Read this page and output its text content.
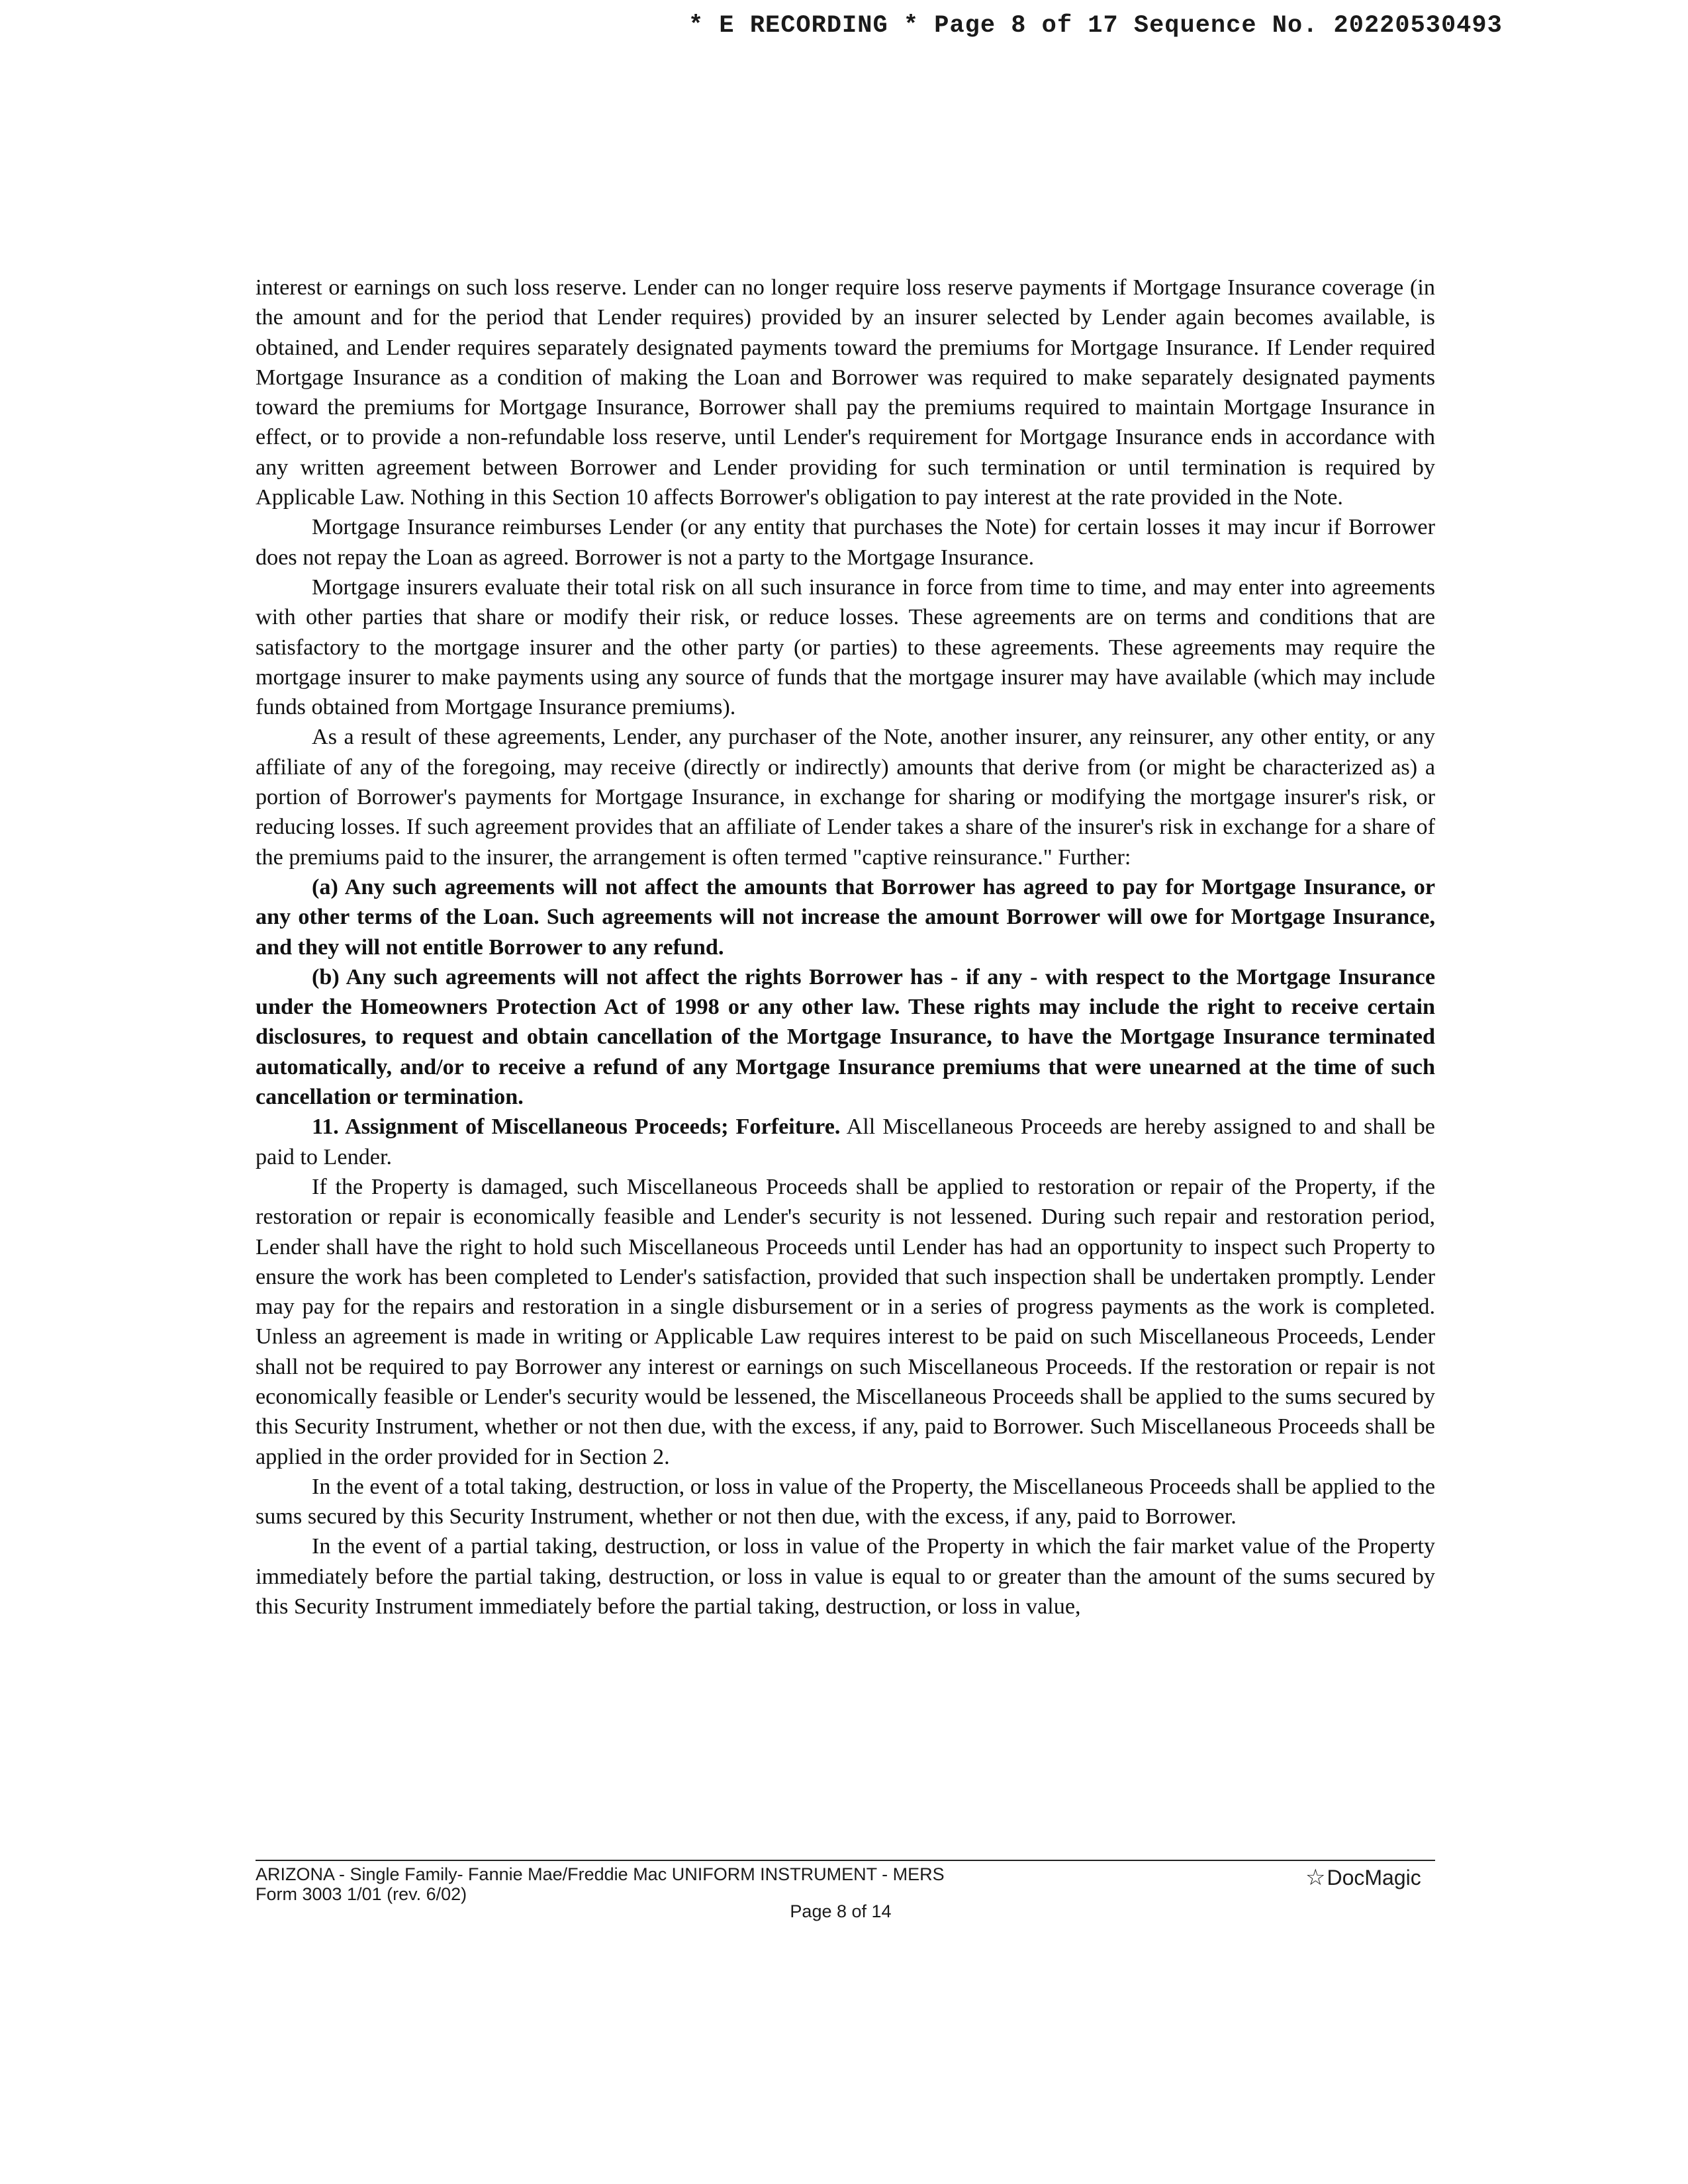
* E RECORDING * Page 8 of 17 Sequence No. 20220530493

interest or earnings on such loss reserve. Lender can no longer require loss reserve payments if Mortgage Insurance coverage (in the amount and for the period that Lender requires) provided by an insurer selected by Lender again becomes available, is obtained, and Lender requires separately designated payments toward the premiums for Mortgage Insurance. If Lender required Mortgage Insurance as a condition of making the Loan and Borrower was required to make separately designated payments toward the premiums for Mortgage Insurance, Borrower shall pay the premiums required to maintain Mortgage Insurance in effect, or to provide a non-refundable loss reserve, until Lender's requirement for Mortgage Insurance ends in accordance with any written agreement between Borrower and Lender providing for such termination or until termination is required by Applicable Law. Nothing in this Section 10 affects Borrower's obligation to pay interest at the rate provided in the Note.

Mortgage Insurance reimburses Lender (or any entity that purchases the Note) for certain losses it may incur if Borrower does not repay the Loan as agreed. Borrower is not a party to the Mortgage Insurance.

Mortgage insurers evaluate their total risk on all such insurance in force from time to time, and may enter into agreements with other parties that share or modify their risk, or reduce losses. These agreements are on terms and conditions that are satisfactory to the mortgage insurer and the other party (or parties) to these agreements. These agreements may require the mortgage insurer to make payments using any source of funds that the mortgage insurer may have available (which may include funds obtained from Mortgage Insurance premiums).

As a result of these agreements, Lender, any purchaser of the Note, another insurer, any reinsurer, any other entity, or any affiliate of any of the foregoing, may receive (directly or indirectly) amounts that derive from (or might be characterized as) a portion of Borrower's payments for Mortgage Insurance, in exchange for sharing or modifying the mortgage insurer's risk, or reducing losses. If such agreement provides that an affiliate of Lender takes a share of the insurer's risk in exchange for a share of the premiums paid to the insurer, the arrangement is often termed "captive reinsurance." Further:

(a) Any such agreements will not affect the amounts that Borrower has agreed to pay for Mortgage Insurance, or any other terms of the Loan. Such agreements will not increase the amount Borrower will owe for Mortgage Insurance, and they will not entitle Borrower to any refund.

(b) Any such agreements will not affect the rights Borrower has - if any - with respect to the Mortgage Insurance under the Homeowners Protection Act of 1998 or any other law. These rights may include the right to receive certain disclosures, to request and obtain cancellation of the Mortgage Insurance, to have the Mortgage Insurance terminated automatically, and/or to receive a refund of any Mortgage Insurance premiums that were unearned at the time of such cancellation or termination.

11. Assignment of Miscellaneous Proceeds; Forfeiture. All Miscellaneous Proceeds are hereby assigned to and shall be paid to Lender.

If the Property is damaged, such Miscellaneous Proceeds shall be applied to restoration or repair of the Property, if the restoration or repair is economically feasible and Lender's security is not lessened. During such repair and restoration period, Lender shall have the right to hold such Miscellaneous Proceeds until Lender has had an opportunity to inspect such Property to ensure the work has been completed to Lender's satisfaction, provided that such inspection shall be undertaken promptly. Lender may pay for the repairs and restoration in a single disbursement or in a series of progress payments as the work is completed. Unless an agreement is made in writing or Applicable Law requires interest to be paid on such Miscellaneous Proceeds, Lender shall not be required to pay Borrower any interest or earnings on such Miscellaneous Proceeds. If the restoration or repair is not economically feasible or Lender's security would be lessened, the Miscellaneous Proceeds shall be applied to the sums secured by this Security Instrument, whether or not then due, with the excess, if any, paid to Borrower. Such Miscellaneous Proceeds shall be applied in the order provided for in Section 2.

In the event of a total taking, destruction, or loss in value of the Property, the Miscellaneous Proceeds shall be applied to the sums secured by this Security Instrument, whether or not then due, with the excess, if any, paid to Borrower.

In the event of a partial taking, destruction, or loss in value of the Property in which the fair market value of the Property immediately before the partial taking, destruction, or loss in value is equal to or greater than the amount of the sums secured by this Security Instrument immediately before the partial taking, destruction, or loss in value,

ARIZONA - Single Family- Fannie Mae/Freddie Mac UNIFORM INSTRUMENT - MERS
Form 3003 1/01 (rev. 6/02)
☆DocMagic
Page 8 of 14
